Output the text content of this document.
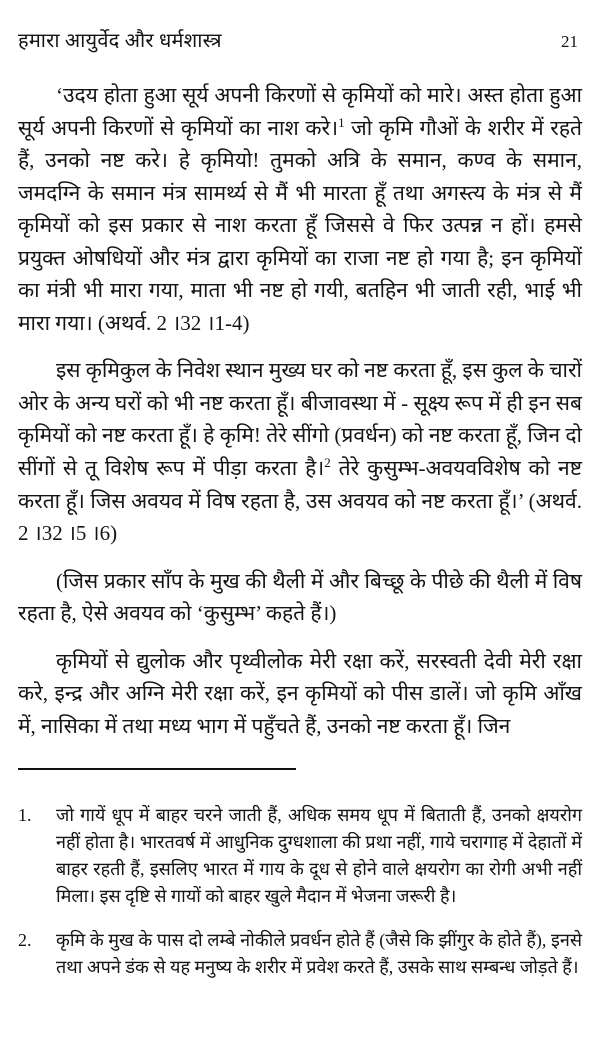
हमारा आयुर्वेद और धर्मशास्त्र	21

‘उदय होता हुआ सूर्य अपनी किरणों से कृमियों को मारे। अस्त होता हुआ सूर्य अपनी किरणों से कृमियों का नाश करे।$^1$ जो कृमि गौओं के शरीर में रहते हैं, उनको नष्ट करे। हे कृमियो! तुमको अत्रि के समान, कण्व के समान, जमदग्नि के समान मंत्र सामर्थ्य से मैं भी मारता हूँ तथा अगस्त्य के मंत्र से मैं कृमियों को इस प्रकार से नाश करता हूँ जिससे वे फिर उत्पन्न न हों। हमसे प्रयुक्त ओषधियों और मंत्र द्वारा कृमियों का राजा नष्ट हो गया है; इन कृमियों का मंत्री भी मारा गया, माता भी नष्ट हो गयी, बतहिन भी जाती रही, भाई भी मारा गया। (अथर्व. 2 ।32 ।1-4)

इस कृमिकुल के निवेश स्थान मुख्य घर को नष्ट करता हूँ, इस कुल के चारों ओर के अन्य घरों को भी नष्ट करता हूँ। बीजावस्था में - सूक्ष्य रूप में ही इन सब कृमियों को नष्ट करता हूँ। हे कृमि! तेरे सींगो (प्रवर्धन) को नष्ट करता हूँ, जिन दो सींगों से तू विशेष रूप में पीड़ा करता है।$^2$ तेरे कुसुम्भ-अवयवविशेष को नष्ट करता हूँ। जिस अवयव में विष रहता है, उस अवयव को नष्ट करता हूँ।’ (अथर्व. 2 ।32 ।5 ।6)

(जिस प्रकार साँप के मुख की थैली में और बिच्छू के पीछे की थैली में विष रहता है, ऐसे अवयव को ‘कुसुम्भ’ कहते हैं।)

कृमियों से द्युलोक और पृथ्वीलोक मेरी रक्षा करें, सरस्वती देवी मेरी रक्षा करे, इन्द्र और अग्नि मेरी रक्षा करें, इन कृमियों को पीस डालें। जो कृमि आँख में, नासिका में तथा मध्य भाग में पहुँचते हैं, उनको नष्ट करता हूँ। जिन

1.	जो गायें धूप में बाहर चरने जाती हैं, अधिक समय धूप में बिताती हैं, उनको क्षयरोग नहीं होता है। भारतवर्ष में आधुनिक दुग्धशाला की प्रथा नहीं, गाये चरागाह में देहातों में बाहर रहती हैं, इसलिए भारत में गाय के दूध से होने वाले क्षयरोग का रोगी अभी नहीं मिला। इस दृष्टि से गायों को बाहर खुले मैदान में भेजना जरूरी है।
2.	कृमि के मुख के पास दो लम्बे नोकीले प्रवर्धन होते हैं (जैसे कि झींगुर के होते हैं), इनसे तथा अपने डंक से यह मनुष्य के शरीर में प्रवेश करते हैं, उसके साथ सम्बन्ध जोड़ते हैं।
